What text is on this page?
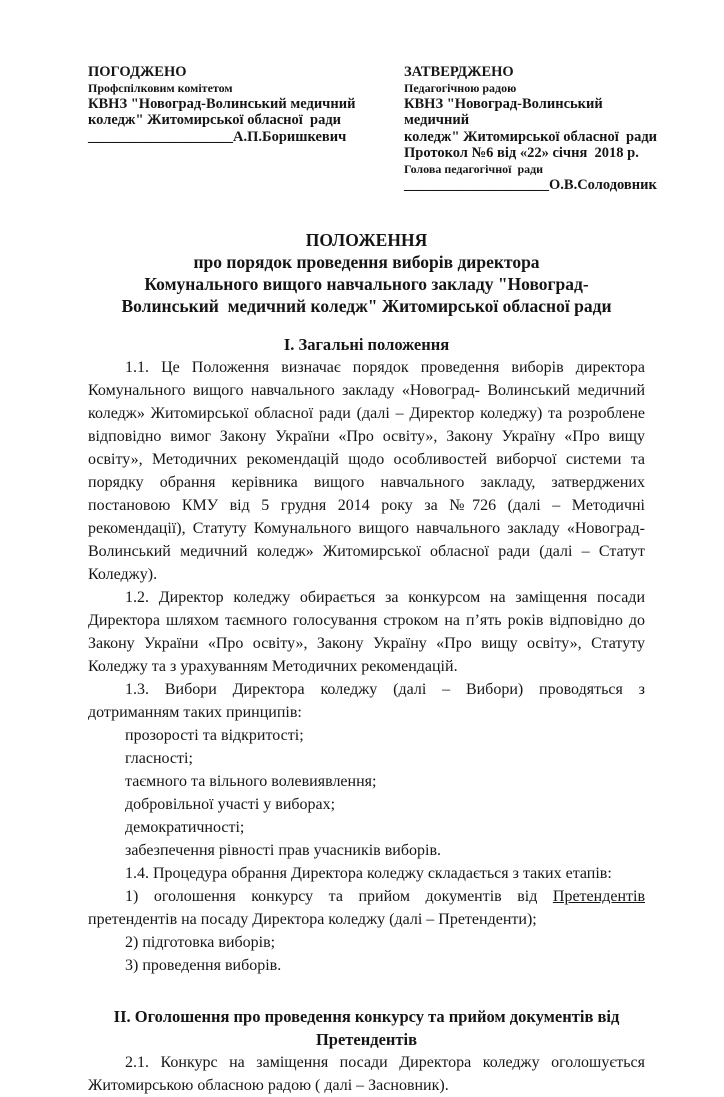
ПОГОДЖЕНО
Профспілковим комітетом
КВНЗ "Новоград-Волинський медичний
коледж" Житомирської обласної  ради
____________________А.П.Боришкевич
ЗАТВЕРДЖЕНО
Педагогічною радою
КВНЗ "Новоград-Волинський
медичний
коледж" Житомирської обласної  ради
Протокол №6 від «22» січня  2018 р.
Голова педагогічної  ради
____________________О.В.Солодовник
ПОЛОЖЕННЯ
про порядок проведення виборів директора
Комунального вищого навчального закладу "Новоград-
Волинський  медичний коледж" Житомирської обласної ради
І. Загальні положення

1.1. Це Положення визначає порядок проведення виборів директора Комунального вищого навчального закладу «Новоград- Волинський медичний коледж» Житомирської обласної ради (далі – Директор коледжу) та розроблене відповідно вимог Закону України «Про освіту», Закону Україну «Про вищу освіту», Методичних рекомендацій щодо особливостей виборчої системи та порядку обрання керівника вищого навчального закладу, затверджених постановою КМУ від 5 грудня 2014 року за №726 (далі – Методичні рекомендації), Статуту Комунального вищого навчального закладу «Новоград-Волинський медичний коледж» Житомирської обласної ради (далі – Статут Коледжу).

1.2. Директор коледжу обирається за конкурсом на заміщення посади Директора шляхом таємного голосування строком на п’ять років відповідно до Закону України «Про освіту», Закону Україну «Про вищу освіту», Статуту Коледжу та з урахуванням Методичних рекомендацій.

1.3. Вибори Директора коледжу (далі – Вибори) проводяться з дотриманням таких принципів:

прозорості та відкритості;

гласності;

таємного та вільного волевиявлення;

добровільної участі у виборах;

демократичності;

забезпечення рівності прав учасників виборів.

1.4. Процедура обрання Директора коледжу складається з таких етапів:

1) оголошення конкурсу та прийом документів від Претендентів претендентів на посаду Директора коледжу (далі – Претенденти);

2) підготовка виборів;

3) проведення виборів.

ІІ. Оголошення про проведення конкурсу та прийом документів від
Претендентів

2.1. Конкурс на заміщення посади Директора коледжу оголошується Житомирською обласною радою ( далі – Засновник).
